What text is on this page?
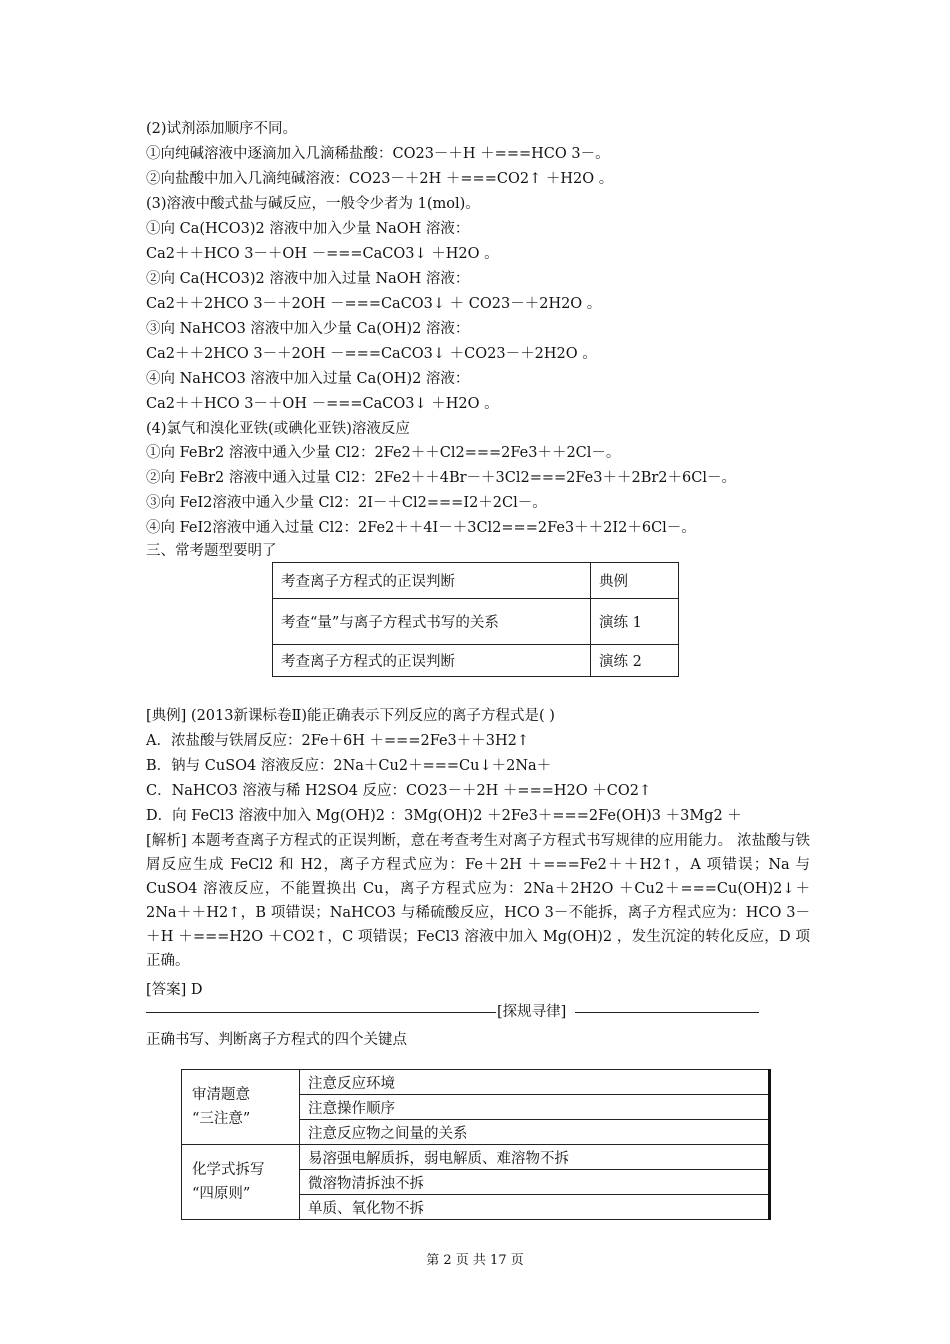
(2)试剂添加顺序不同。
①向纯碱溶液中逐滴加入几滴稀盐酸：CO23－＋H ＋===HCO 3－。
②向盐酸中加入几滴纯碱溶液：CO23－＋2H ＋===CO2↑ ＋H2O 。
(3)溶液中酸式盐与碱反应，一般令少者为 1(mol)。
①向 Ca(HCO3)2 溶液中加入少量 NaOH 溶液：
Ca2＋＋HCO 3－＋OH －===CaCO3↓ ＋H2O 。
②向 Ca(HCO3)2 溶液中加入过量 NaOH 溶液：
Ca2＋＋2HCO 3－＋2OH －===CaCO3↓ ＋ CO23－＋2H2O 。
③向 NaHCO3 溶液中加入少量 Ca(OH)2 溶液：
Ca2＋＋2HCO 3－＋2OH －===CaCO3↓ ＋CO23－＋2H2O 。
④向 NaHCO3 溶液中加入过量 Ca(OH)2 溶液：
Ca2＋＋HCO 3－＋OH －===CaCO3↓ ＋H2O 。
(4)氯气和溴化亚铁(或碘化亚铁)溶液反应
①向 FeBr2 溶液中通入少量 Cl2：2Fe2＋＋Cl2===2Fe3＋＋2Cl－。
②向 FeBr2 溶液中通入过量 Cl2：2Fe2＋＋4Br－＋3Cl2===2Fe3＋＋2Br2＋6Cl－。
③向 FeI2溶液中通入少量 Cl2：2I－＋Cl2===I2＋2Cl－。
④向 FeI2溶液中通入过量 Cl2：2Fe2＋＋4I－＋3Cl2===2Fe3＋＋2I2＋6Cl－。
三、常考题型要明了
考查离子方程式的正误判断	典例
考查“量”与离子方程式书写的关系	演练 1
考查离子方程式的正误判断	演练 2
[典例] (2013新课标卷Ⅱ)能正确表示下列反应的离子方程式是( )
A．浓盐酸与铁屑反应：2Fe＋6H ＋===2Fe3＋＋3H2↑
B．钠与 CuSO4 溶液反应：2Na＋Cu2＋===Cu↓＋2Na＋
C．NaHCO3 溶液与稀 H2SO4 反应：CO23－＋2H ＋===H2O ＋CO2↑
D．向 FeCl3 溶液中加入 Mg(OH)2 ：3Mg(OH)2 ＋2Fe3＋===2Fe(OH)3 ＋3Mg2 ＋
[解析] 本题考查离子方程式的正误判断，意在考查考生对离子方程式书写规律的应用能力。 浓盐酸与铁屑反应生成 FeCl2 和 H2，离子方程式应为：Fe＋2H ＋===Fe2＋＋H2↑，A 项错误；Na 与 CuSO4 溶液反应，不能置换出 Cu，离子方程式应为：2Na＋2H2O ＋Cu2＋===Cu(OH)2↓＋2Na＋＋H2↑，B 项错误；NaHCO3 与稀硫酸反应，HCO 3－不能拆，离子方程式应为：HCO 3－＋H ＋===H2O ＋CO2↑，C 项错误；FeCl3 溶液中加入 Mg(OH)2 ，发生沉淀的转化反应，D 项正确。
[答案] D
[探规寻律]
正确书写、判断离子方程式的四个关键点
审清题意
“三注意”	注意反应环境
	注意操作顺序
	注意反应物之间量的关系

化学式拆写
“四原则”	易溶强电解质拆，弱电解质、难溶物不拆
	微溶物清拆浊不拆
	单质、氧化物不拆
第 2 页 共 17 页
